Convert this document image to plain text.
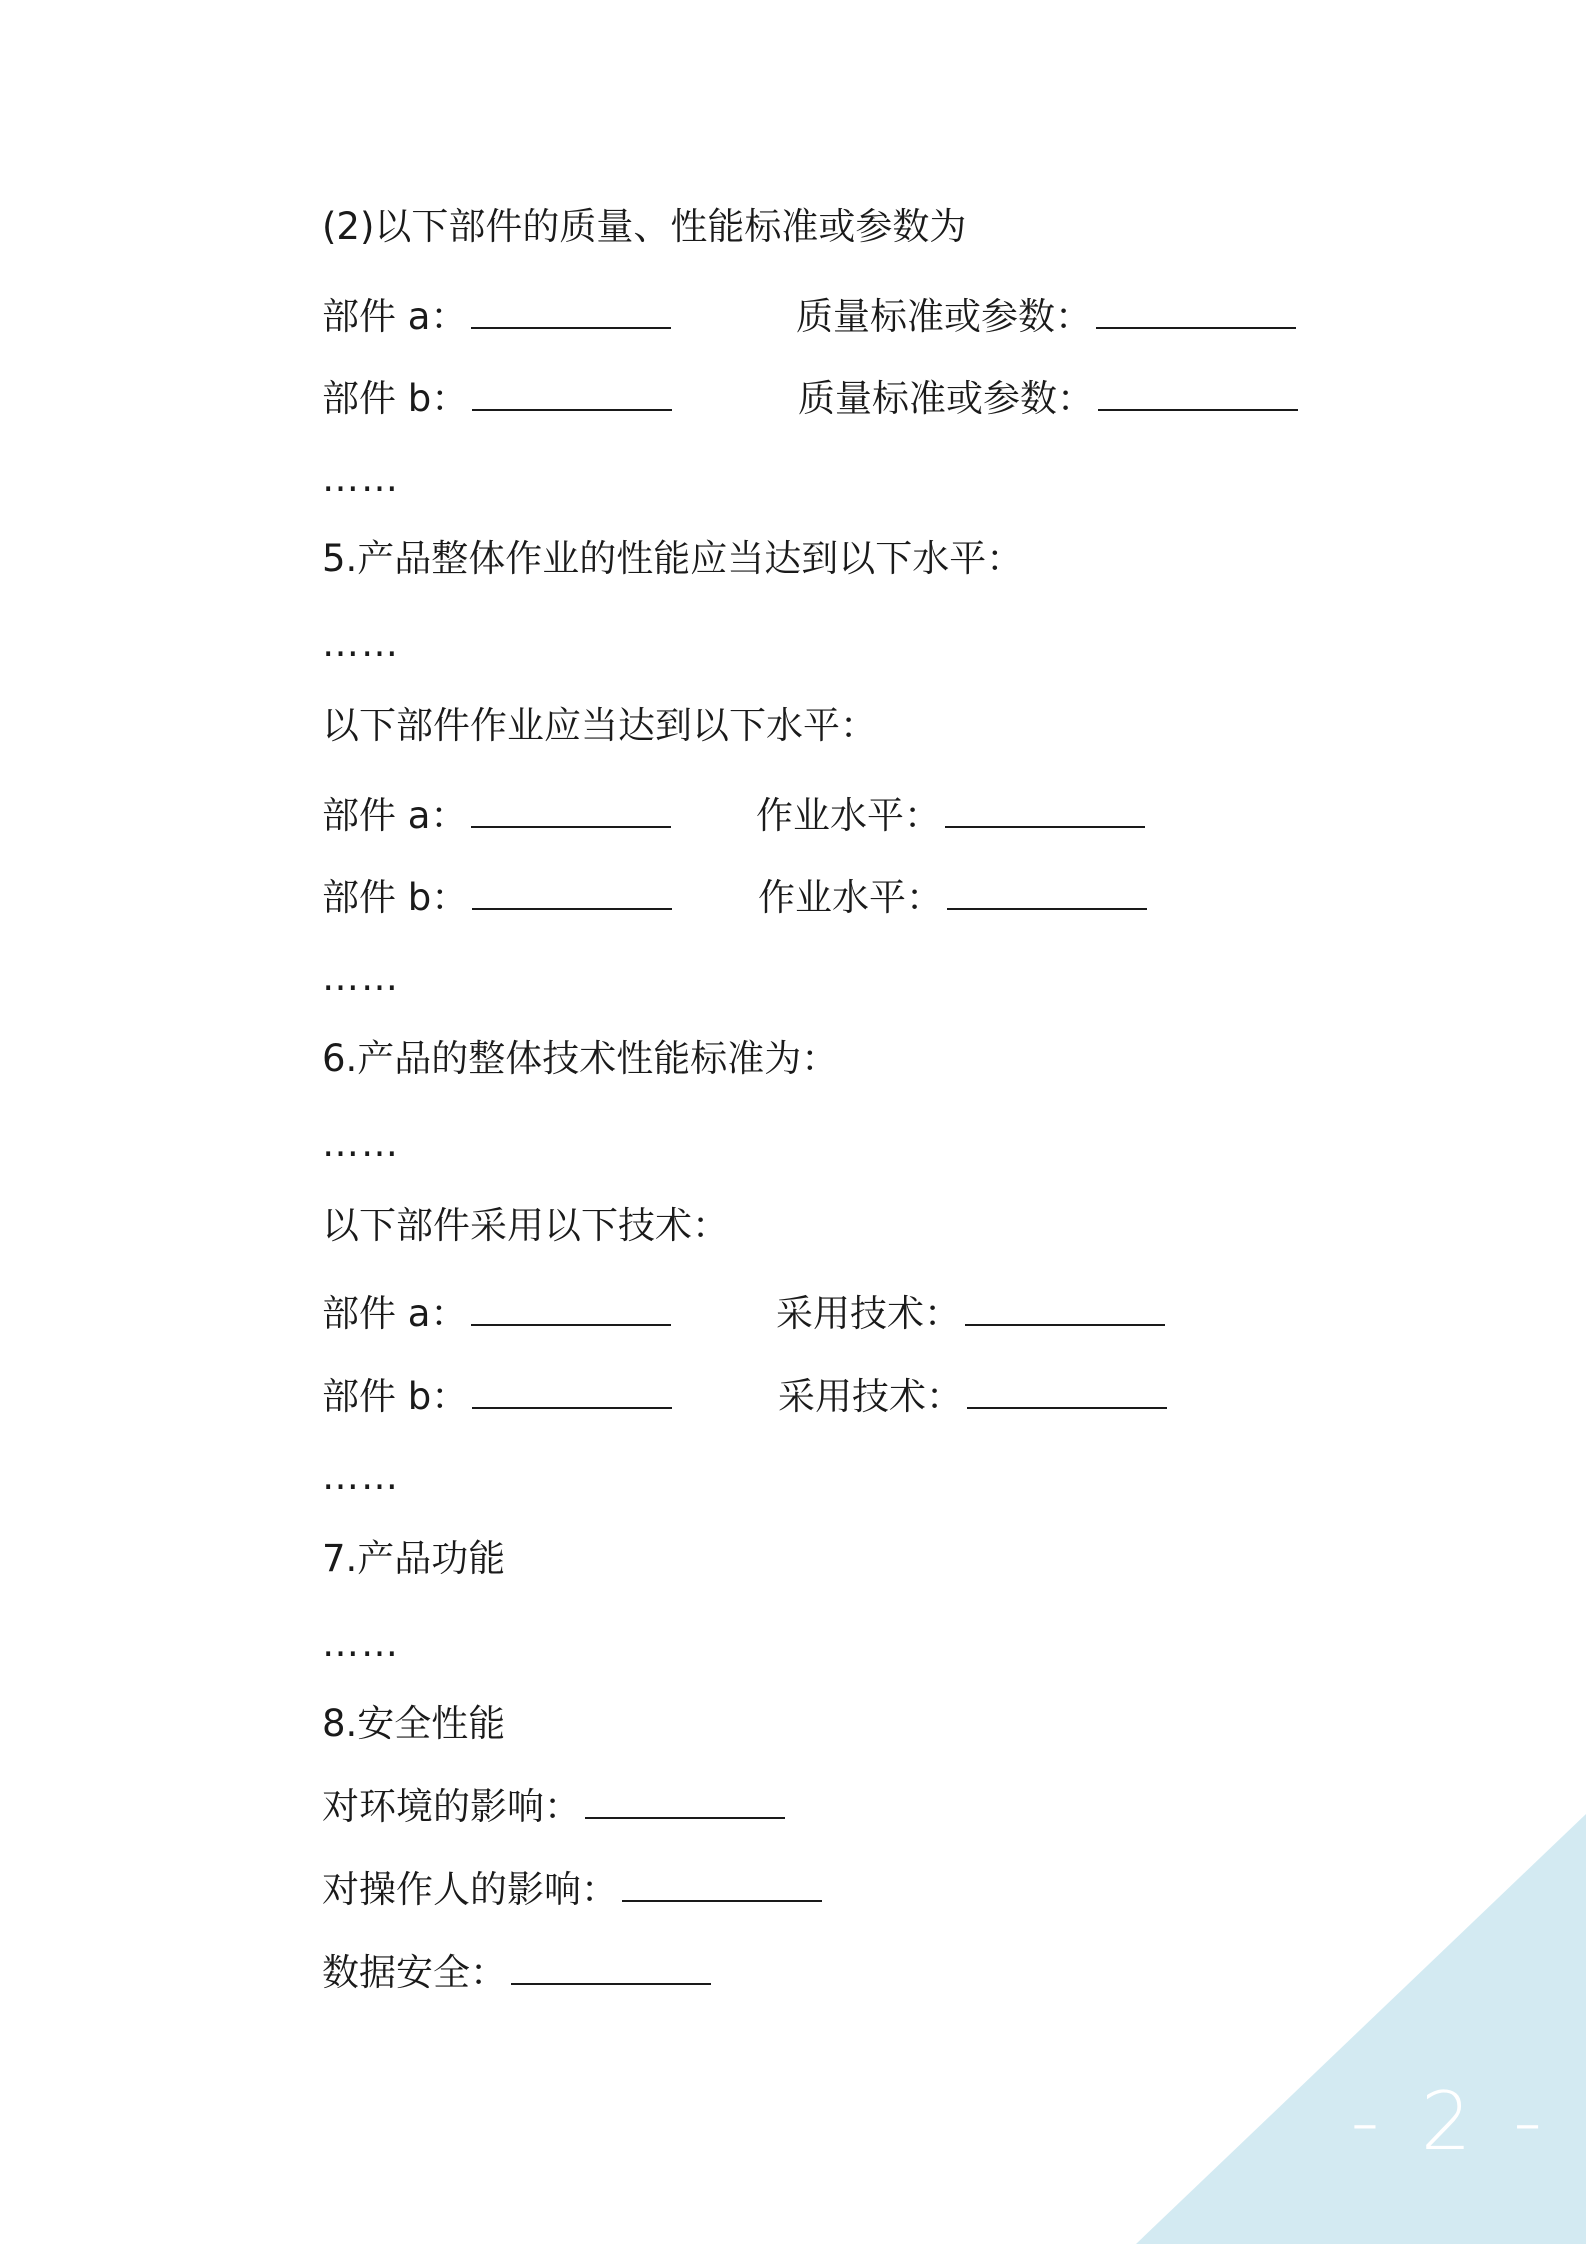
(2)以下部件的质量、性能标准或参数为
部件 a：	质量标准或参数：
部件 b：	质量标准或参数：
……
5.产品整体作业的性能应当达到以下水平：
……
以下部件作业应当达到以下水平：
部件 a：	作业水平：
部件 b：	作业水平：
……
6.产品的整体技术性能标准为：
……
以下部件采用以下技术：
部件 a：	采用技术：
部件 b：	采用技术：
……
7.产品功能
……
8.安全性能
对环境的影响：
对操作人的影响：
数据安全：
- 2 -
